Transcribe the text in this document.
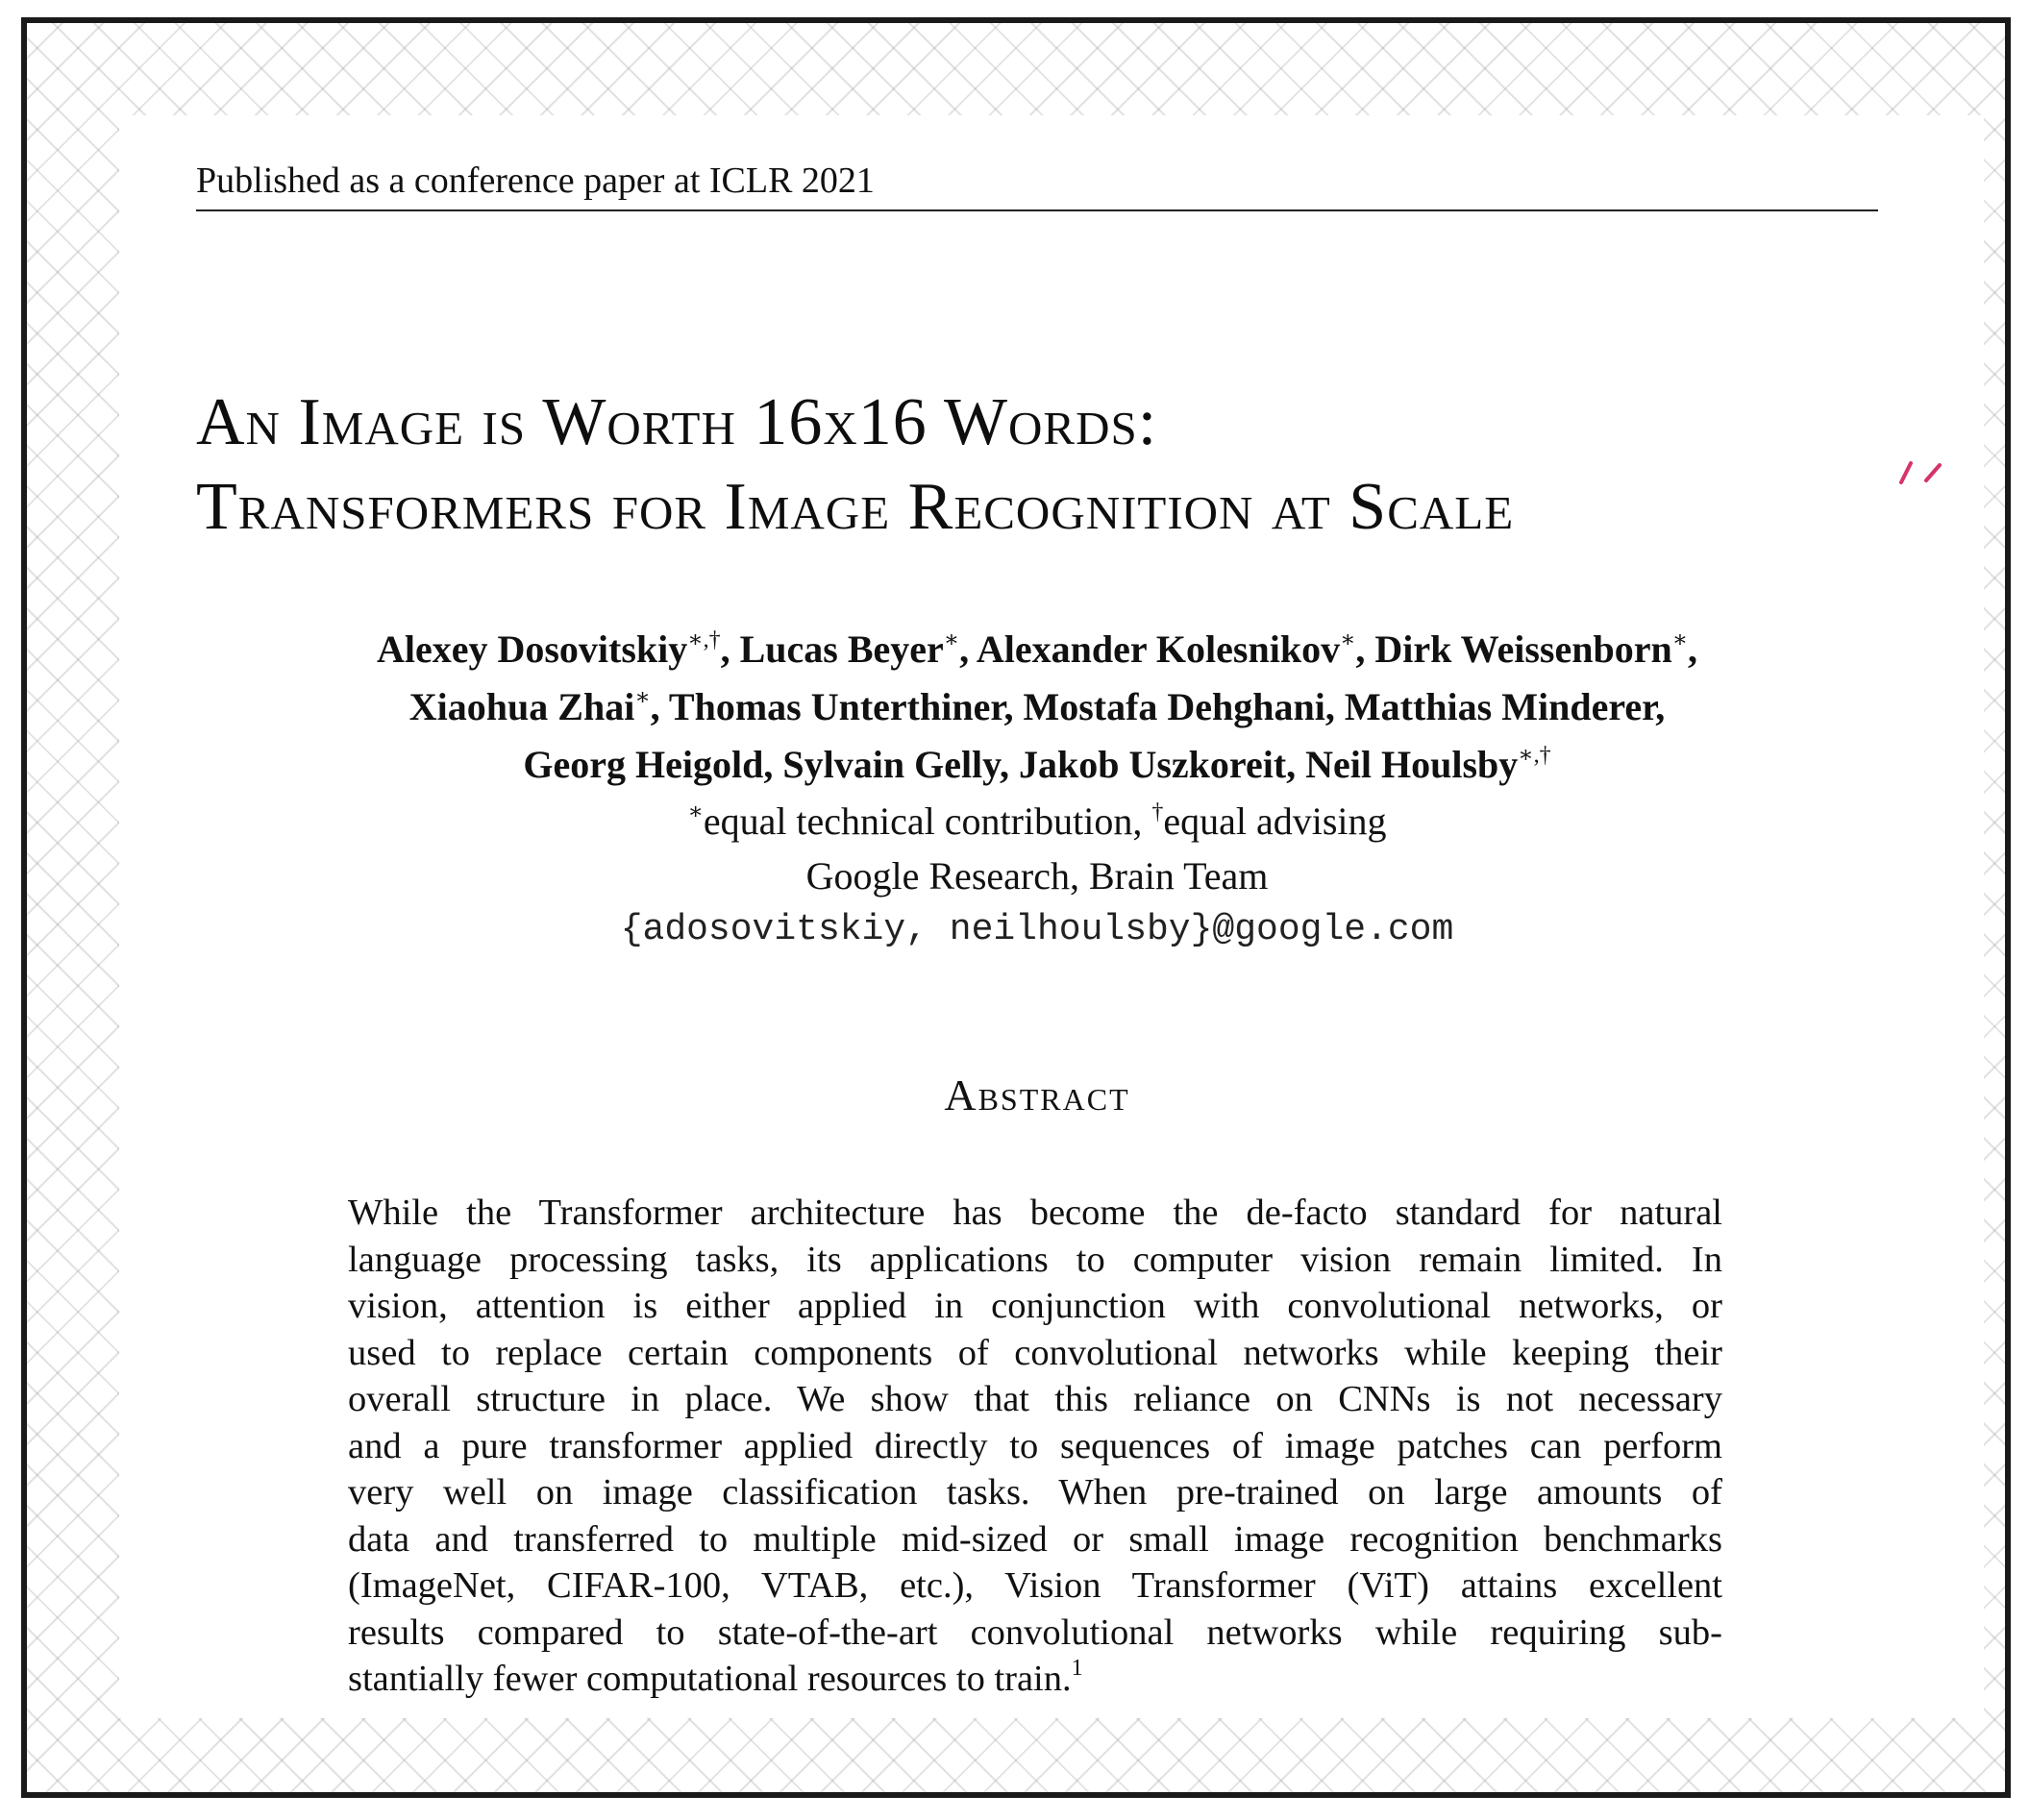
Published as a conference paper at ICLR 2021
An Image is Worth 16x16 Words:
Transformers for Image Recognition at Scale
Alexey Dosovitskiy∗,†, Lucas Beyer∗, Alexander Kolesnikov∗, Dirk Weissenborn∗,
Xiaohua Zhai∗, Thomas Unterthiner, Mostafa Dehghani, Matthias Minderer,
Georg Heigold, Sylvain Gelly, Jakob Uszkoreit, Neil Houlsby∗,†
∗equal technical contribution, †equal advising
Google Research, Brain Team
{adosovitskiy, neilhoulsby}@google.com
Abstract
While the Transformer architecture has become the de-facto standard for natural
language processing tasks, its applications to computer vision remain limited. In
vision, attention is either applied in conjunction with convolutional networks, or
used to replace certain components of convolutional networks while keeping their
overall structure in place. We show that this reliance on CNNs is not necessary
and a pure transformer applied directly to sequences of image patches can perform
very well on image classification tasks. When pre-trained on large amounts of
data and transferred to multiple mid-sized or small image recognition benchmarks
(ImageNet, CIFAR-100, VTAB, etc.), Vision Transformer (ViT) attains excellent
results compared to state-of-the-art convolutional networks while requiring sub-
stantially fewer computational resources to train.$^1$
